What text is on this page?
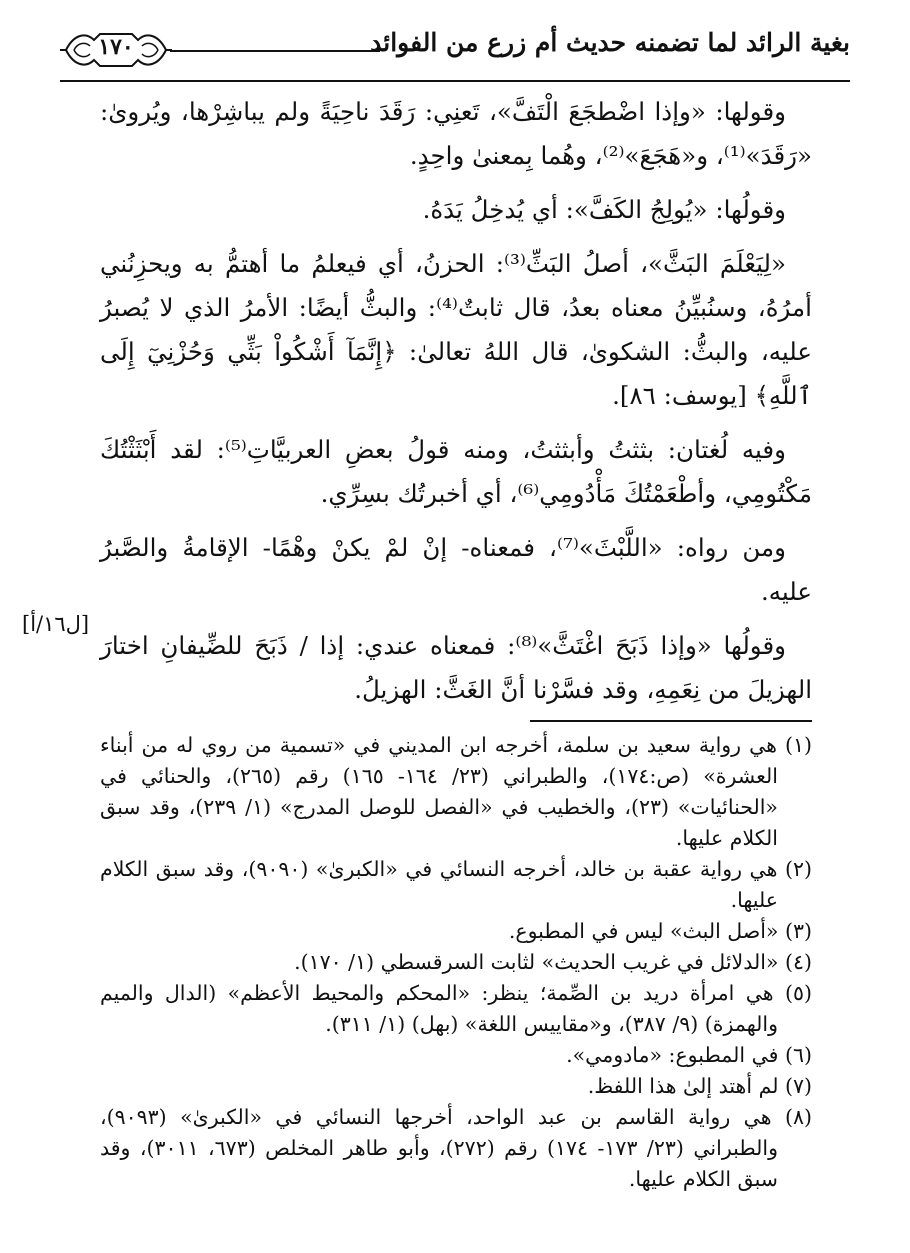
بغية الرائد لما تضمنه حديث أم زرع من الفوائد
١٧٠

وقولها: «وإذا اضْطجَعَ الْتَفَّ»، تَعنِي: رَقَدَ ناحِيَةً ولم يباشِرْها، ويُروىٰ: «رَقَدَ»⁽¹⁾، و«هَجَعَ»⁽²⁾، وهُما بِمعنىٰ واحِدٍ.

وقولُها: «يُولِجُ الكَفَّ»: أي يُدخِلُ يَدَهُ.

«لِيَعْلَمَ البَثَّ»، أصلُ البَثِّ⁽³⁾: الحزنُ، أي فيعلمُ ما أهتمُّ به ويحزِنُني أمرُهُ، وسنُبيِّنُ معناه بعدُ، قال ثابتٌ⁽⁴⁾: والبثُّ أيضًا: الأمرُ الذي لا يُصبرُ عليه، والبثُّ: الشكوىٰ، قال اللهُ تعالىٰ: ﴿إِنَّمَآ أَشْكُواْ بَثِّي وَحُزْنِيٓ إِلَى ٱللَّهِ﴾ [يوسف: ٨٦].

وفيه لُغتان: بثثتُ وأبثثتُ، ومنه قولُ بعضِ العربيَّاتِ⁽⁵⁾: لقد أَبْثَثْتُكَ مَكْتُومِي، وأطْعَمْتُكَ مَأْدُومِي⁽⁶⁾، أي أخبرتُك بسِرِّي.

ومن رواه: «اللَّبْثَ»⁽⁷⁾، فمعناه- إنْ لمْ يكنْ وهْمًا- الإقامةُ والصَّبرُ عليه.

وقولُها «وإذا ذَبَحَ اغْتَثَّ»⁽⁸⁾: فمعناه عندي: إذا / ذَبَحَ للضِّيفانِ اختارَ الهزيلَ من نِعَمِهِ، وقد فسَّرْنا أنَّ الغَثَّ: الهزيلُ.

[ل١٦/أ]

(١) هي رواية سعيد بن سلمة، أخرجه ابن المديني في «تسمية من روي له من أبناء العشرة» (ص:١٧٤)، والطبراني (٢٣/ ١٦٤- ١٦٥) رقم (٢٦٥)، والحنائي في «الحنائيات» (٢٣)، والخطيب في «الفصل للوصل المدرج» (١/ ٢٣٩)، وقد سبق الكلام عليها.

(٢) هي رواية عقبة بن خالد، أخرجه النسائي في «الكبرىٰ» (٩٠٩٠)، وقد سبق الكلام عليها.

(٣) «أصل البث» ليس في المطبوع.

(٤) «الدلائل في غريب الحديث» لثابت السرقسطي (١/ ١٧٠).

(٥) هي امرأة دريد بن الصِّمة؛ ينظر: «المحكم والمحيط الأعظم» (الدال والميم والهمزة) (٩/ ٣٨٧)، و«مقاييس اللغة» (بهل) (١/ ٣١١).

(٦) في المطبوع: «مادومي».

(٧) لم أهتد إلىٰ هذا اللفظ.

(٨) هي رواية القاسم بن عبد الواحد، أخرجها النسائي في «الكبرىٰ» (٩٠٩٣)، والطبراني (٢٣/ ١٧٣- ١٧٤) رقم (٢٧٢)، وأبو طاهر المخلص (٦٧٣، ٣٠١١)، وقد سبق الكلام عليها.
